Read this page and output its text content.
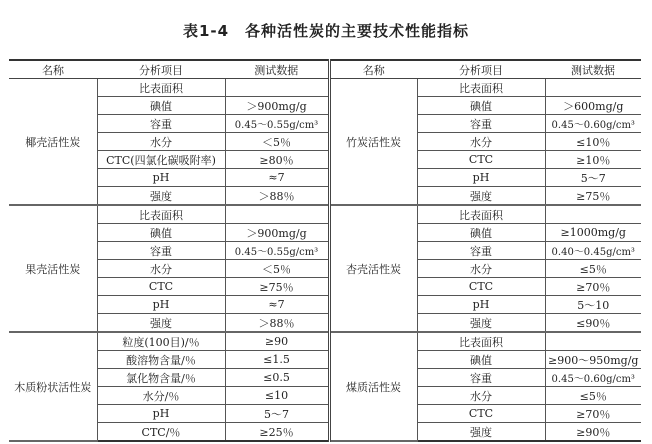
表1-4　各种活性炭的主要技术性能指标
名称	分析项目	测试数据	名称	分析项目	测试数据
椰壳活性炭	比表面积		竹炭活性炭	比表面积	
	碘值	＞900mg/g		碘值	＞600mg/g
	容重	0.45～0.55g/cm³		容重	0.45～0.60g/cm³
	水分	＜5％		水分	≤10％
	CTC(四氯化碳吸附率)	≥80％		CTC	≥10％
	pH	≈7		pH	5～7
	强度	＞88％		强度	≥75％
果壳活性炭	比表面积		杏壳活性炭	比表面积	
	碘值	＞900mg/g		碘值	≥1000mg/g
	容重	0.45～0.55g/cm³		容重	0.40～0.45g/cm³
	水分	＜5％		水分	≤5％
	CTC	≥75％		CTC	≥70％
	pH	≈7		pH	5～10
	强度	＞88％		强度	≤90％
木质粉状活性炭	粒度(100目)/％	≥90	煤质活性炭	比表面积	
	酸溶物含量/％	≤1.5		碘值	≥900～950mg/g
	氯化物含量/％	≤0.5		容重	0.45～0.60g/cm³
	水分/％	≤10		水分	≤5％
	pH	5～7		CTC	≥70％
	CTC/％	≥25％		强度	≥90％
